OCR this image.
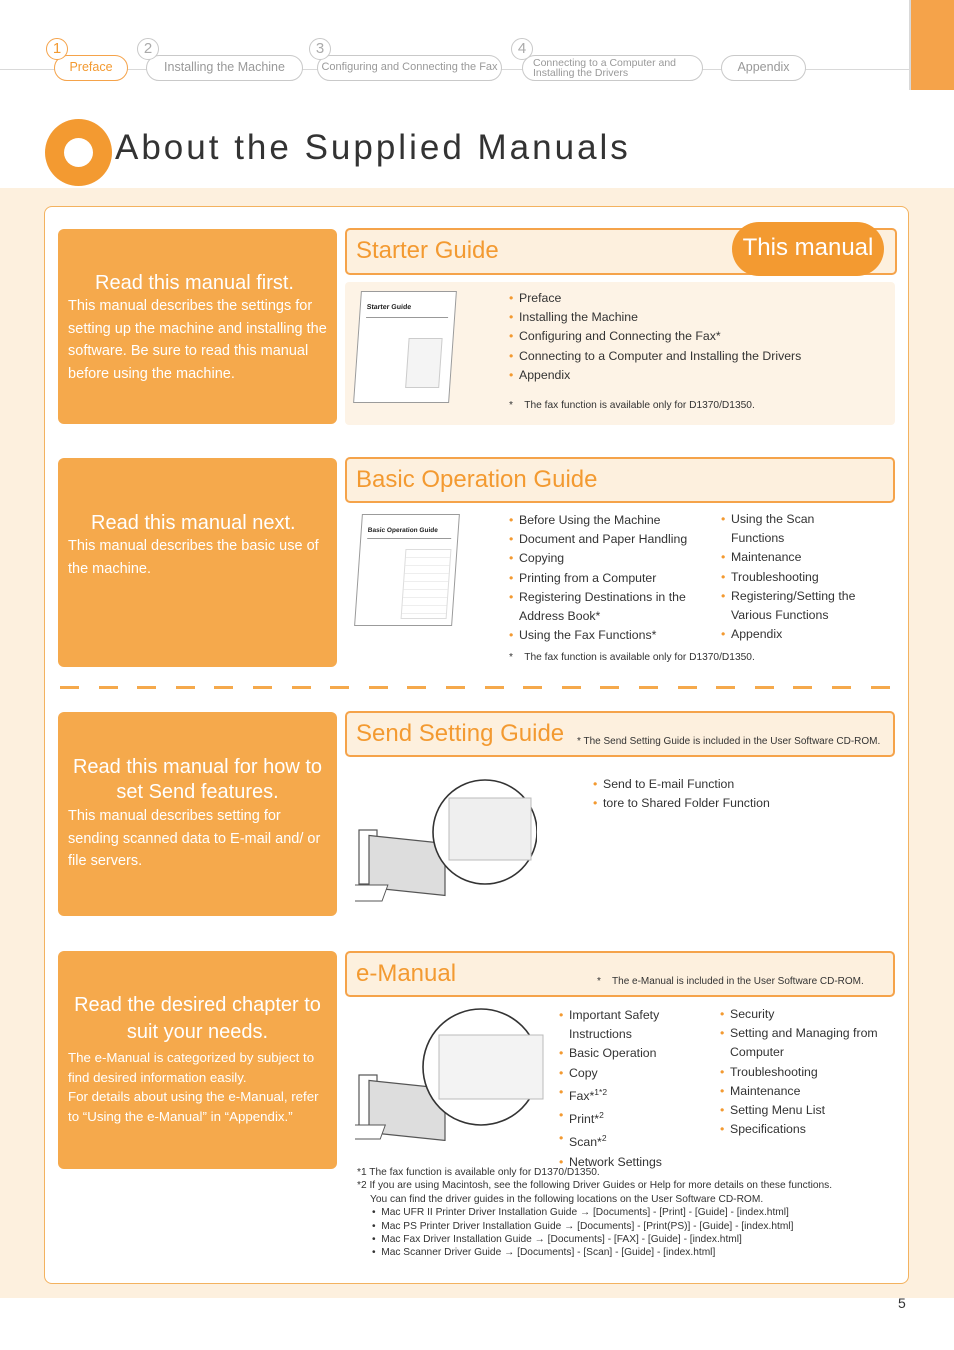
Preface
1
Installing the Machine
2
Configuring and Connecting the Fax
3
Connecting to a Computer and Installing the Drivers
4
Appendix
About the Supplied Manuals
Read this manual first.
This manual describes the settings for setting up the machine and installing the software. Be sure to read this manual before using the machine.
Starter Guide	This manual
Starter Guide
• Preface
• Installing the Machine
• Configuring and Connecting the Fax*
• Connecting to a Computer and Installing the Drivers
• Appendix
* The fax function is available only for D1370/D1350.
Read this manual next.
This manual describes the basic use of the machine.
Basic Operation Guide
Basic Operation Guide
• Before Using the Machine
• Document and Paper Handling
• Copying
• Printing from a Computer
• Registering Destinations in the Address Book*
• Using the Fax Functions*
• Using the Scan Functions
• Maintenance
• Troubleshooting
• Registering/Setting the Various Functions
• Appendix
* The fax function is available only for D1370/D1350.
Read this manual for how to set Send features.
This manual describes setting for sending scanned data to E-mail and/ or file servers.
Send Setting Guide * The Send Setting Guide is included in the User Software CD-ROM.
• Send to E-mail Function
• tore to Shared Folder Function
Read the desired chapter to suit your needs.
The e-Manual is categorized by subject to find desired information easily.
For details about using the e-Manual, refer to “Using the e-Manual” in “Appendix.”
e-Manual	* The e-Manual is included in the User Software CD-ROM.
• Important Safety Instructions
• Basic Operation
• Copy
• Fax*$^{1*2}$
• Print*$^2$
• Scan*$^2$
• Network Settings
• Security
• Setting and Managing from Computer
• Troubleshooting
• Maintenance
• Setting Menu List
• Specifications
*1 The fax function is available only for D1370/D1350.
*2 If you are using Macintosh, see the following Driver Guides or Help for more details on these functions.
You can find the driver guides in the following locations on the User Software CD-ROM.
•  Mac UFR II Printer Driver Installation Guide → [Documents] - [Print] - [Guide] - [index.html]
•  Mac PS Printer Driver Installation Guide → [Documents] - [Print(PS)] - [Guide] - [index.html]
•  Mac Fax Driver Installation Guide → [Documents] - [FAX] - [Guide] - [index.html]
•  Mac Scanner Driver Guide → [Documents] - [Scan] - [Guide] - [index.html]
5
